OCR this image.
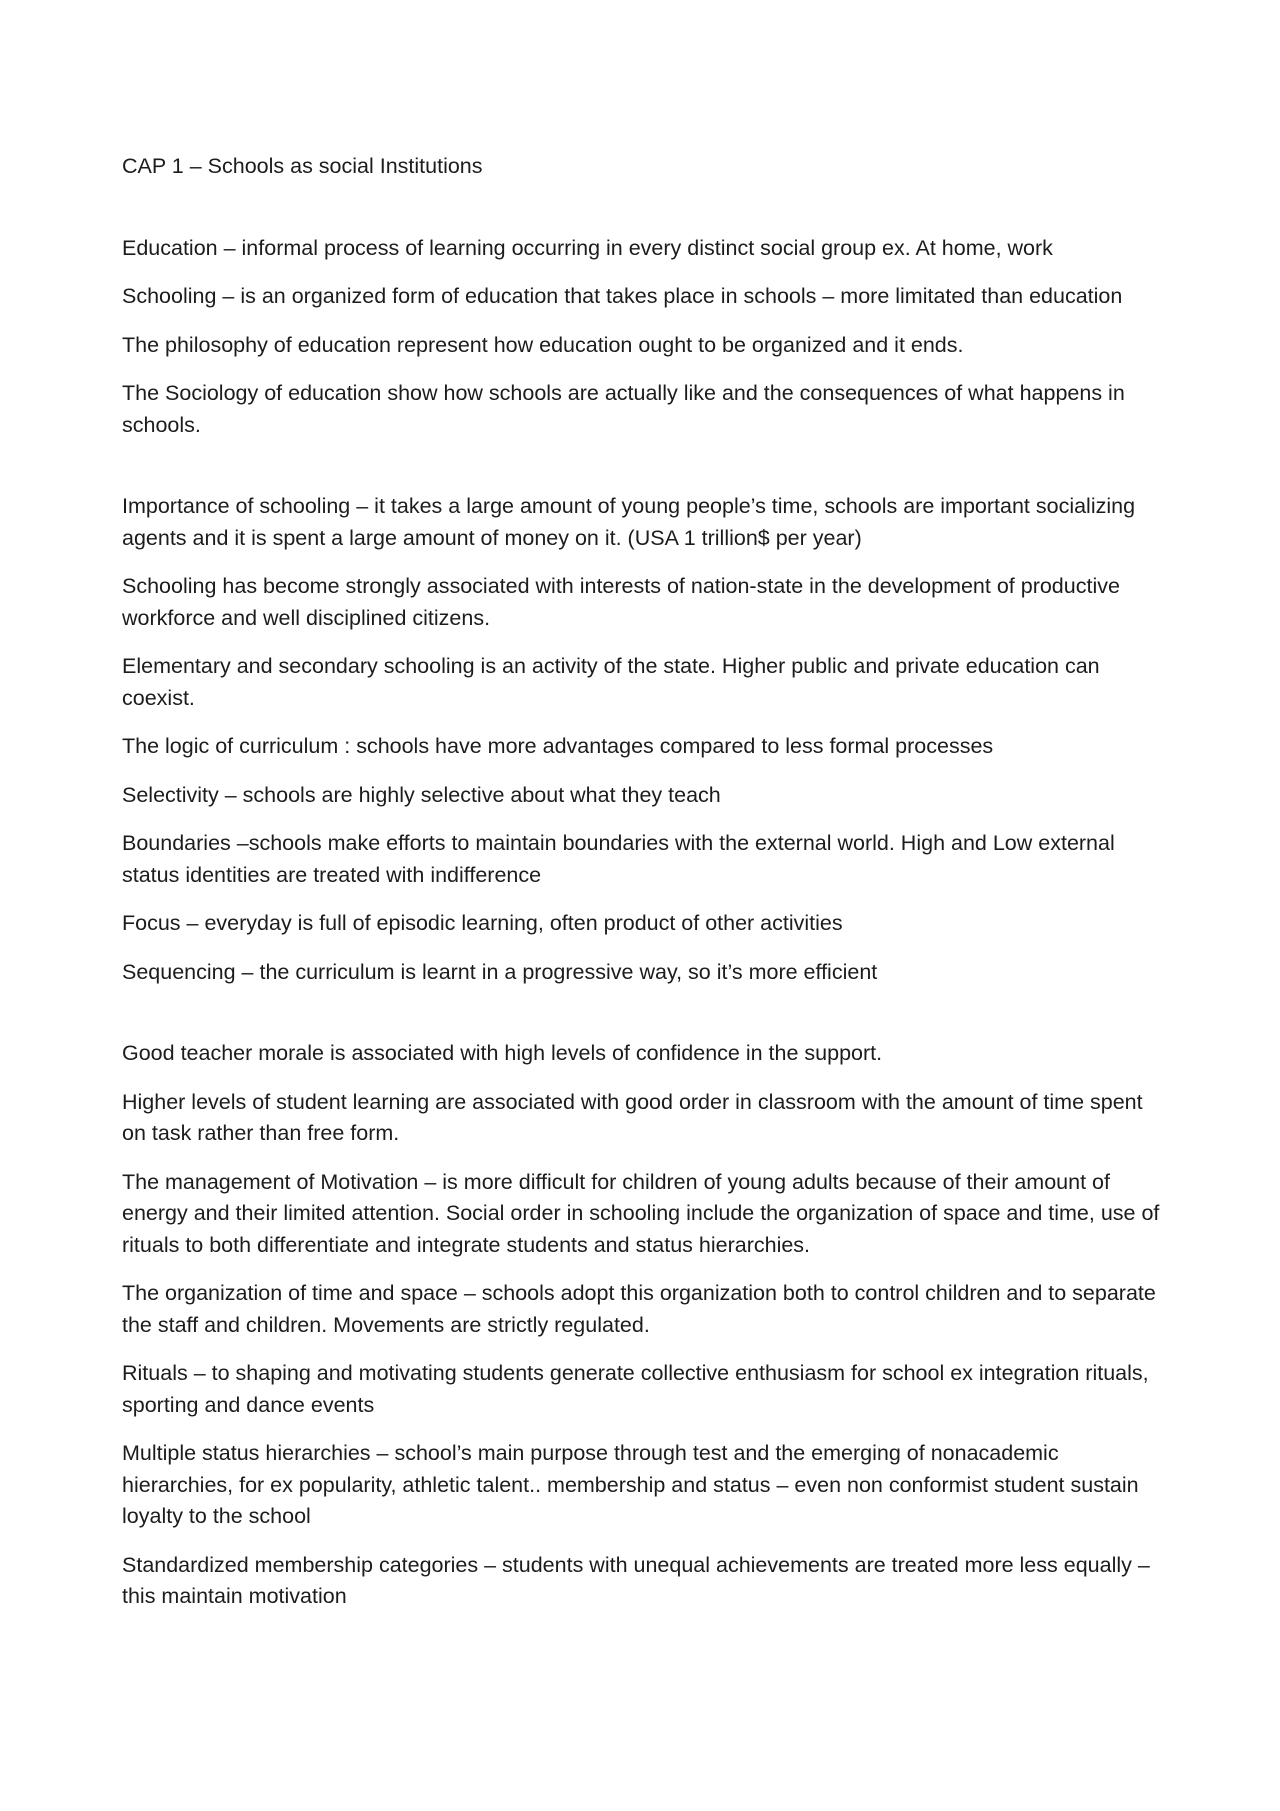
CAP 1 – Schools as social Institutions

Education – informal process of learning occurring in every distinct social group ex. At home, work

Schooling – is an organized form of education that takes place in schools – more limitated than education

The philosophy of education represent how education ought to be organized and it ends.

The Sociology of education show how schools are actually like and the consequences of what happens in schools.

Importance of schooling – it takes a large amount of young people’s time, schools are important socializing agents and it is spent a large amount of money on it. (USA 1 trillion$ per year)

Schooling has become strongly associated with interests of nation-state in the development of productive workforce and well disciplined citizens.

Elementary and secondary schooling is an activity of the state. Higher public and private education can coexist.

The logic of curriculum : schools have more advantages compared to less formal processes

Selectivity – schools are highly selective about what they teach

Boundaries –schools make efforts to maintain boundaries with the external world. High and Low external status identities are treated with indifference

Focus – everyday is full of episodic learning, often product of other activities

Sequencing – the curriculum is learnt in a progressive way, so it’s more efficient

Good teacher morale is associated with high levels of confidence in the support.

Higher levels of student learning are associated with good order in classroom with the amount of time spent on task rather than free form.

The management of Motivation – is more difficult for children of young adults because of their amount of energy and their limited attention. Social order in schooling include the organization of space and time, use of rituals to both differentiate and integrate students and status hierarchies.

The organization of time and space – schools adopt this organization both to control children and to separate the staff and children. Movements are strictly regulated.

Rituals – to shaping and motivating students generate collective enthusiasm for school ex integration rituals, sporting and dance events

Multiple status hierarchies – school’s main purpose through test and the emerging of nonacademic hierarchies, for ex popularity, athletic talent.. membership and status – even non conformist student sustain loyalty to the school

Standardized membership categories – students with unequal achievements are treated more less equally – this maintain motivation
